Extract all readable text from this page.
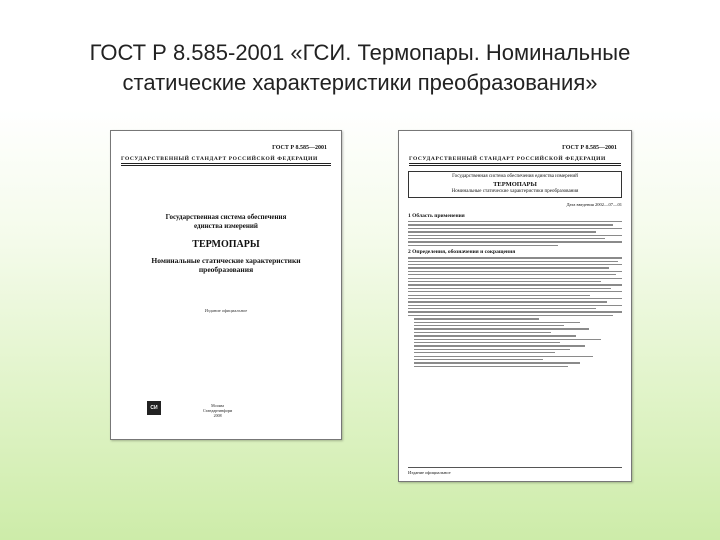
ГОСТ Р 8.585-2001 «ГСИ. Термопары. Номинальные
статические характеристики преобразования»
ГОСТ Р 8.585—2001
ГОСУДАРСТВЕННЫЙ СТАНДАРТ РОССИЙСКОЙ ФЕДЕРАЦИИ
Государственная система обеспечения
единства измерений
ТЕРМОПАРЫ
Номинальные статические характеристики
преобразования
Издание официальное
СИ	Москва
Стандартинформ
2008
ГОСТ Р 8.585—2001
ГОСУДАРСТВЕННЫЙ СТАНДАРТ РОССИЙСКОЙ ФЕДЕРАЦИИ
Государственная система обеспечения единства измерений
ТЕРМОПАРЫ
Номинальные статические характеристики преобразования
Дата введения 2002—07—01
1 Область применения
2 Определения, обозначения и сокращения
Издание официальное
